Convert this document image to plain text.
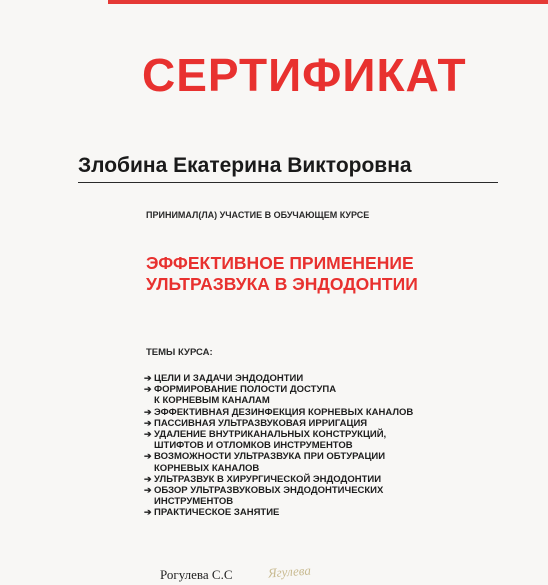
СЕРТИФИКАТ
Злобина Екатерина Викторовна
ПРИНИМАЛ(ЛА) УЧАСТИЕ В ОБУЧАЮЩЕМ КУРСЕ
ЭФФЕКТИВНОЕ ПРИМЕНЕНИЕ
УЛЬТРАЗВУКА В ЭНДОДОНТИИ
ТЕМЫ КУРСА:
➔ ЦЕЛИ И ЗАДАЧИ ЭНДОДОНТИИ
➔ ФОРМИРОВАНИЕ ПОЛОСТИ ДОСТУПА
К КОРНЕВЫМ КАНАЛАМ
➔ ЭФФЕКТИВНАЯ ДЕЗИНФЕКЦИЯ КОРНЕВЫХ КАНАЛОВ
➔ ПАССИВНАЯ УЛЬТРАЗВУКОВАЯ ИРРИГАЦИЯ
➔ УДАЛЕНИЕ ВНУТРИКАНАЛЬНЫХ КОНСТРУКЦИЙ,
ШТИФТОВ И ОТЛОМКОВ ИНСТРУМЕНТОВ
➔ ВОЗМОЖНОСТИ УЛЬТРАЗВУКА ПРИ ОБТУРАЦИИ
КОРНЕВЫХ КАНАЛОВ
➔ УЛЬТРАЗВУК В ХИРУРГИЧЕСКОЙ ЭНДОДОНТИИ
➔ ОБЗОР УЛЬТРАЗВУКОВЫХ ЭНДОДОНТИЧЕСКИХ
ИНСТРУМЕНТОВ
➔ ПРАКТИЧЕСКОЕ ЗАНЯТИЕ
Рогулева С.С	Ягулева
